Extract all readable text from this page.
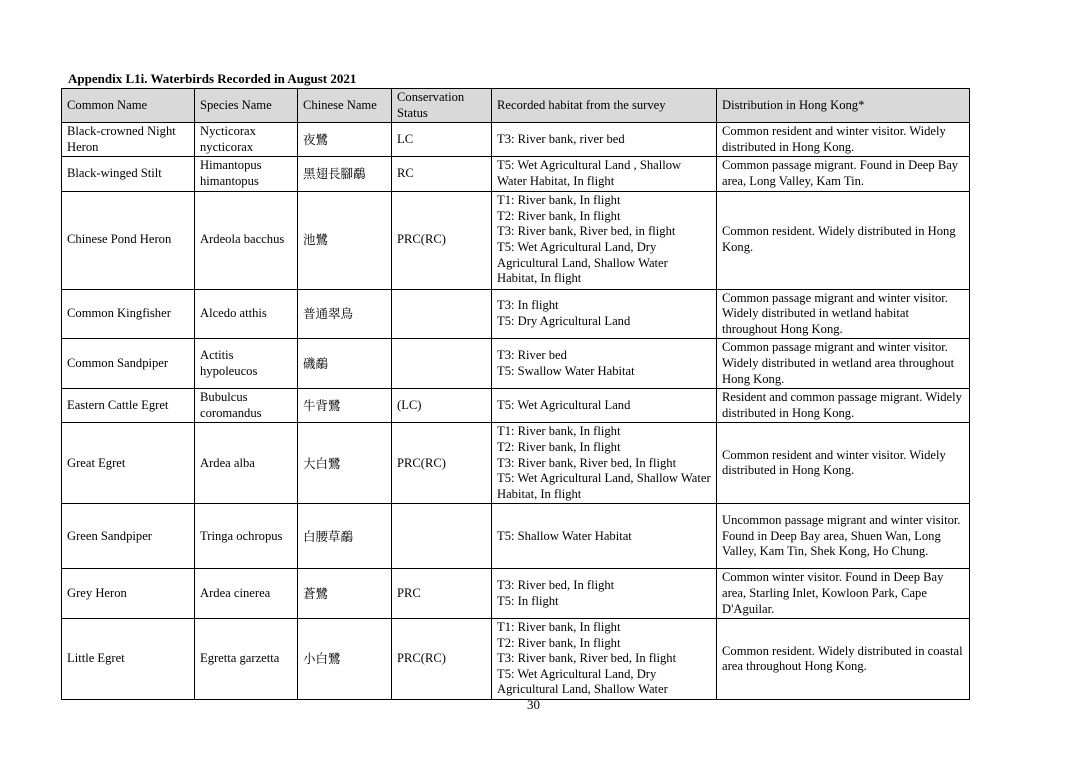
Appendix L1i. Waterbirds Recorded in August 2021
Common Name	Species Name	Chinese Name	Conservation Status	Recorded habitat from the survey	Distribution in Hong Kong*
Black-crowned Night Heron	Nycticorax nycticorax	夜鷺	LC	T3: River bank, river bed	Common resident and winter visitor. Widely distributed in Hong Kong.
Black-winged Stilt	Himantopus himantopus	黑翅長腳鷸	RC	T5: Wet Agricultural Land , Shallow Water Habitat, In flight	Common passage migrant. Found in Deep Bay area, Long Valley, Kam Tin.
Chinese Pond Heron	Ardeola bacchus	池鷺	PRC(RC)	T1: River bank, In flight
T2: River bank, In flight
T3: River bank, River bed, in flight
T5: Wet Agricultural Land, Dry Agricultural Land, Shallow Water Habitat, In flight	Common resident. Widely distributed in Hong Kong.
Common Kingfisher	Alcedo atthis	普通翠鳥		T3: In flight
T5: Dry Agricultural Land	Common passage migrant and winter visitor. Widely distributed in wetland habitat throughout Hong Kong.
Common Sandpiper	Actitis hypoleucos	磯鷸		T3: River bed
T5: Swallow Water Habitat	Common passage migrant and winter visitor. Widely distributed in wetland area throughout Hong Kong.
Eastern Cattle Egret	Bubulcus coromandus	牛背鷺	(LC)	T5: Wet Agricultural Land	Resident and common passage migrant. Widely distributed in Hong Kong.
Great Egret	Ardea alba	大白鷺	PRC(RC)	T1: River bank, In flight
T2: River bank, In flight
T3: River bank, River bed, In flight
T5: Wet Agricultural Land, Shallow Water Habitat, In flight	Common resident and winter visitor. Widely distributed in Hong Kong.
Green Sandpiper	Tringa ochropus	白腰草鷸		T5: Shallow Water Habitat	Uncommon passage migrant and winter visitor. Found in Deep Bay area, Shuen Wan, Long Valley, Kam Tin, Shek Kong, Ho Chung.
Grey Heron	Ardea cinerea	蒼鷺	PRC	T3: River bed, In flight
T5: In flight	Common winter visitor. Found in Deep Bay area, Starling Inlet, Kowloon Park, Cape D'Aguilar.
Little Egret	Egretta garzetta	小白鷺	PRC(RC)	T1: River bank, In flight
T2: River bank, In flight
T3: River bank, River bed, In flight
T5: Wet Agricultural Land, Dry Agricultural Land, Shallow Water	Common resident. Widely distributed in coastal area throughout Hong Kong.
30
